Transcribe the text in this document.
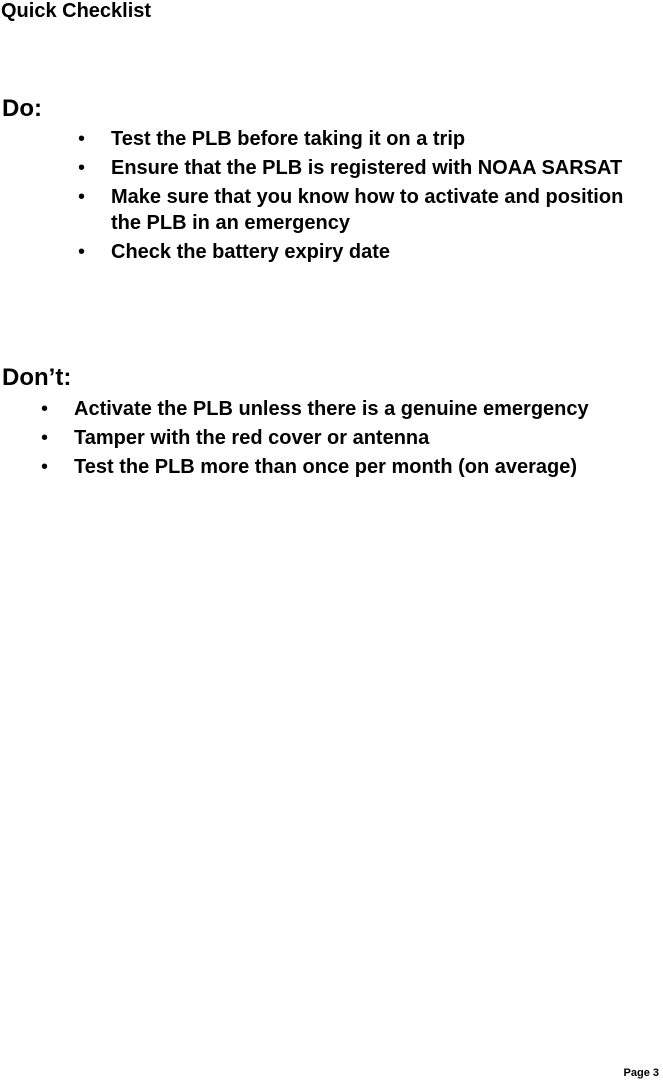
Quick Checklist
Do:
• Test the PLB before taking it on a trip
• Ensure that the PLB is registered with NOAA SARSAT
• Make sure that you know how to activate and position the PLB in an emergency
• Check the battery expiry date
Don’t:
• Activate the PLB unless there is a genuine emergency
• Tamper with the red cover or antenna
• Test the PLB more than once per month (on average)
Page 3
